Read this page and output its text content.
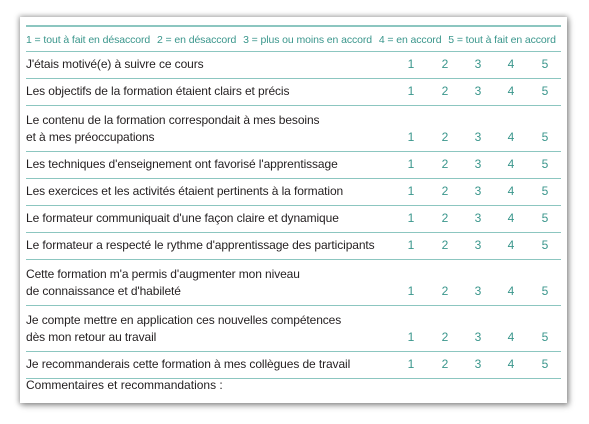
1 = tout à fait en désaccord 2 = en désaccord 3 = plus ou moins en accord 4 = en accord 5 = tout à fait en accord
J'étais motivé(e) à suivre ce cours	1	2	3	4	5
Les objectifs de la formation étaient clairs et précis	1	2	3	4	5
Le contenu de la formation correspondait à mes besoins
et à mes préoccupations	1	2	3	4	5
Les techniques d'enseignement ont favorisé l'apprentissage	1	2	3	4	5
Les exercices et les activités étaient pertinents à la formation	1	2	3	4	5
Le formateur communiquait d'une façon claire et dynamique	1	2	3	4	5
Le formateur a respecté le rythme d'apprentissage des participants	1	2	3	4	5
Cette formation m'a permis d'augmenter mon niveau
de connaissance et d'habileté	1	2	3	4	5
Je compte mettre en application ces nouvelles compétences
dès mon retour au travail	1	2	3	4	5
Je recommanderais cette formation à mes collègues de travail	1	2	3	4	5
Commentaires et recommandations :
